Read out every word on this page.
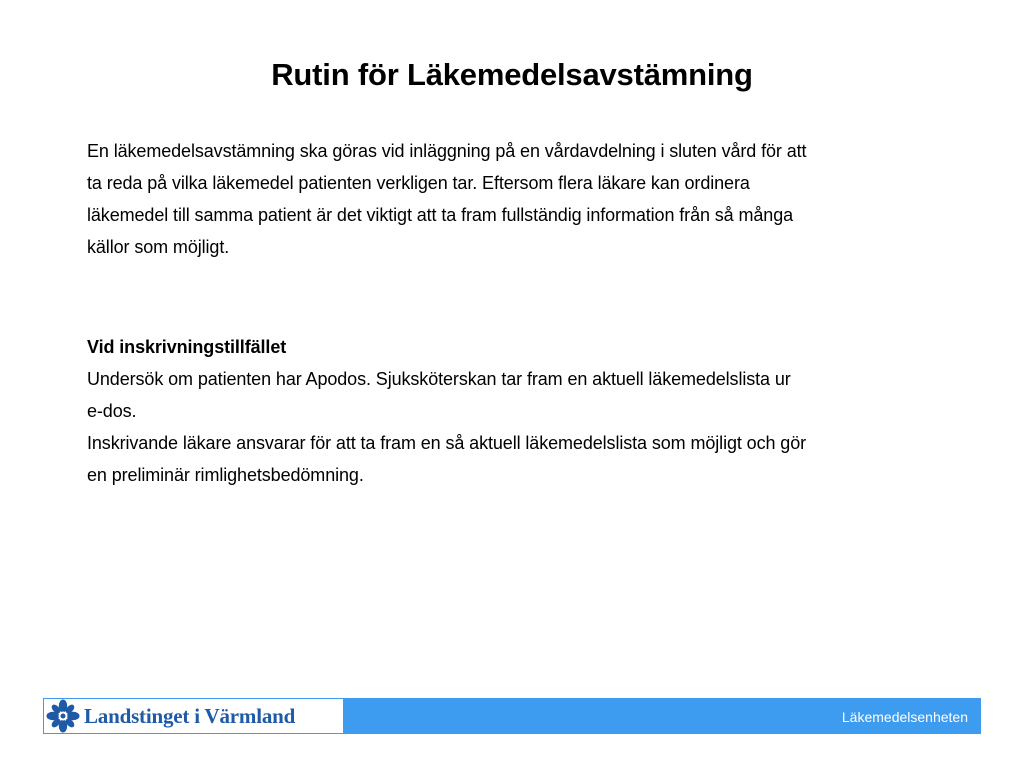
Rutin för Läkemedelsavstämning
En läkemedelsavstämning ska göras vid inläggning på en vårdavdelning i sluten vård för att
ta reda på vilka läkemedel patienten verkligen tar. Eftersom flera läkare kan ordinera
läkemedel till samma patient är det viktigt att ta fram fullständig information från så många
källor som möjligt.
Vid inskrivningstillfället
Undersök om patienten har Apodos. Sjuksköterskan tar fram en aktuell läkemedelslista ur
e-dos.
Inskrivande läkare ansvarar för att ta fram en så aktuell läkemedelslista som möjligt och gör
en preliminär rimlighetsbedömning.
Landstinget i Värmland	Läkemedelsenheten
